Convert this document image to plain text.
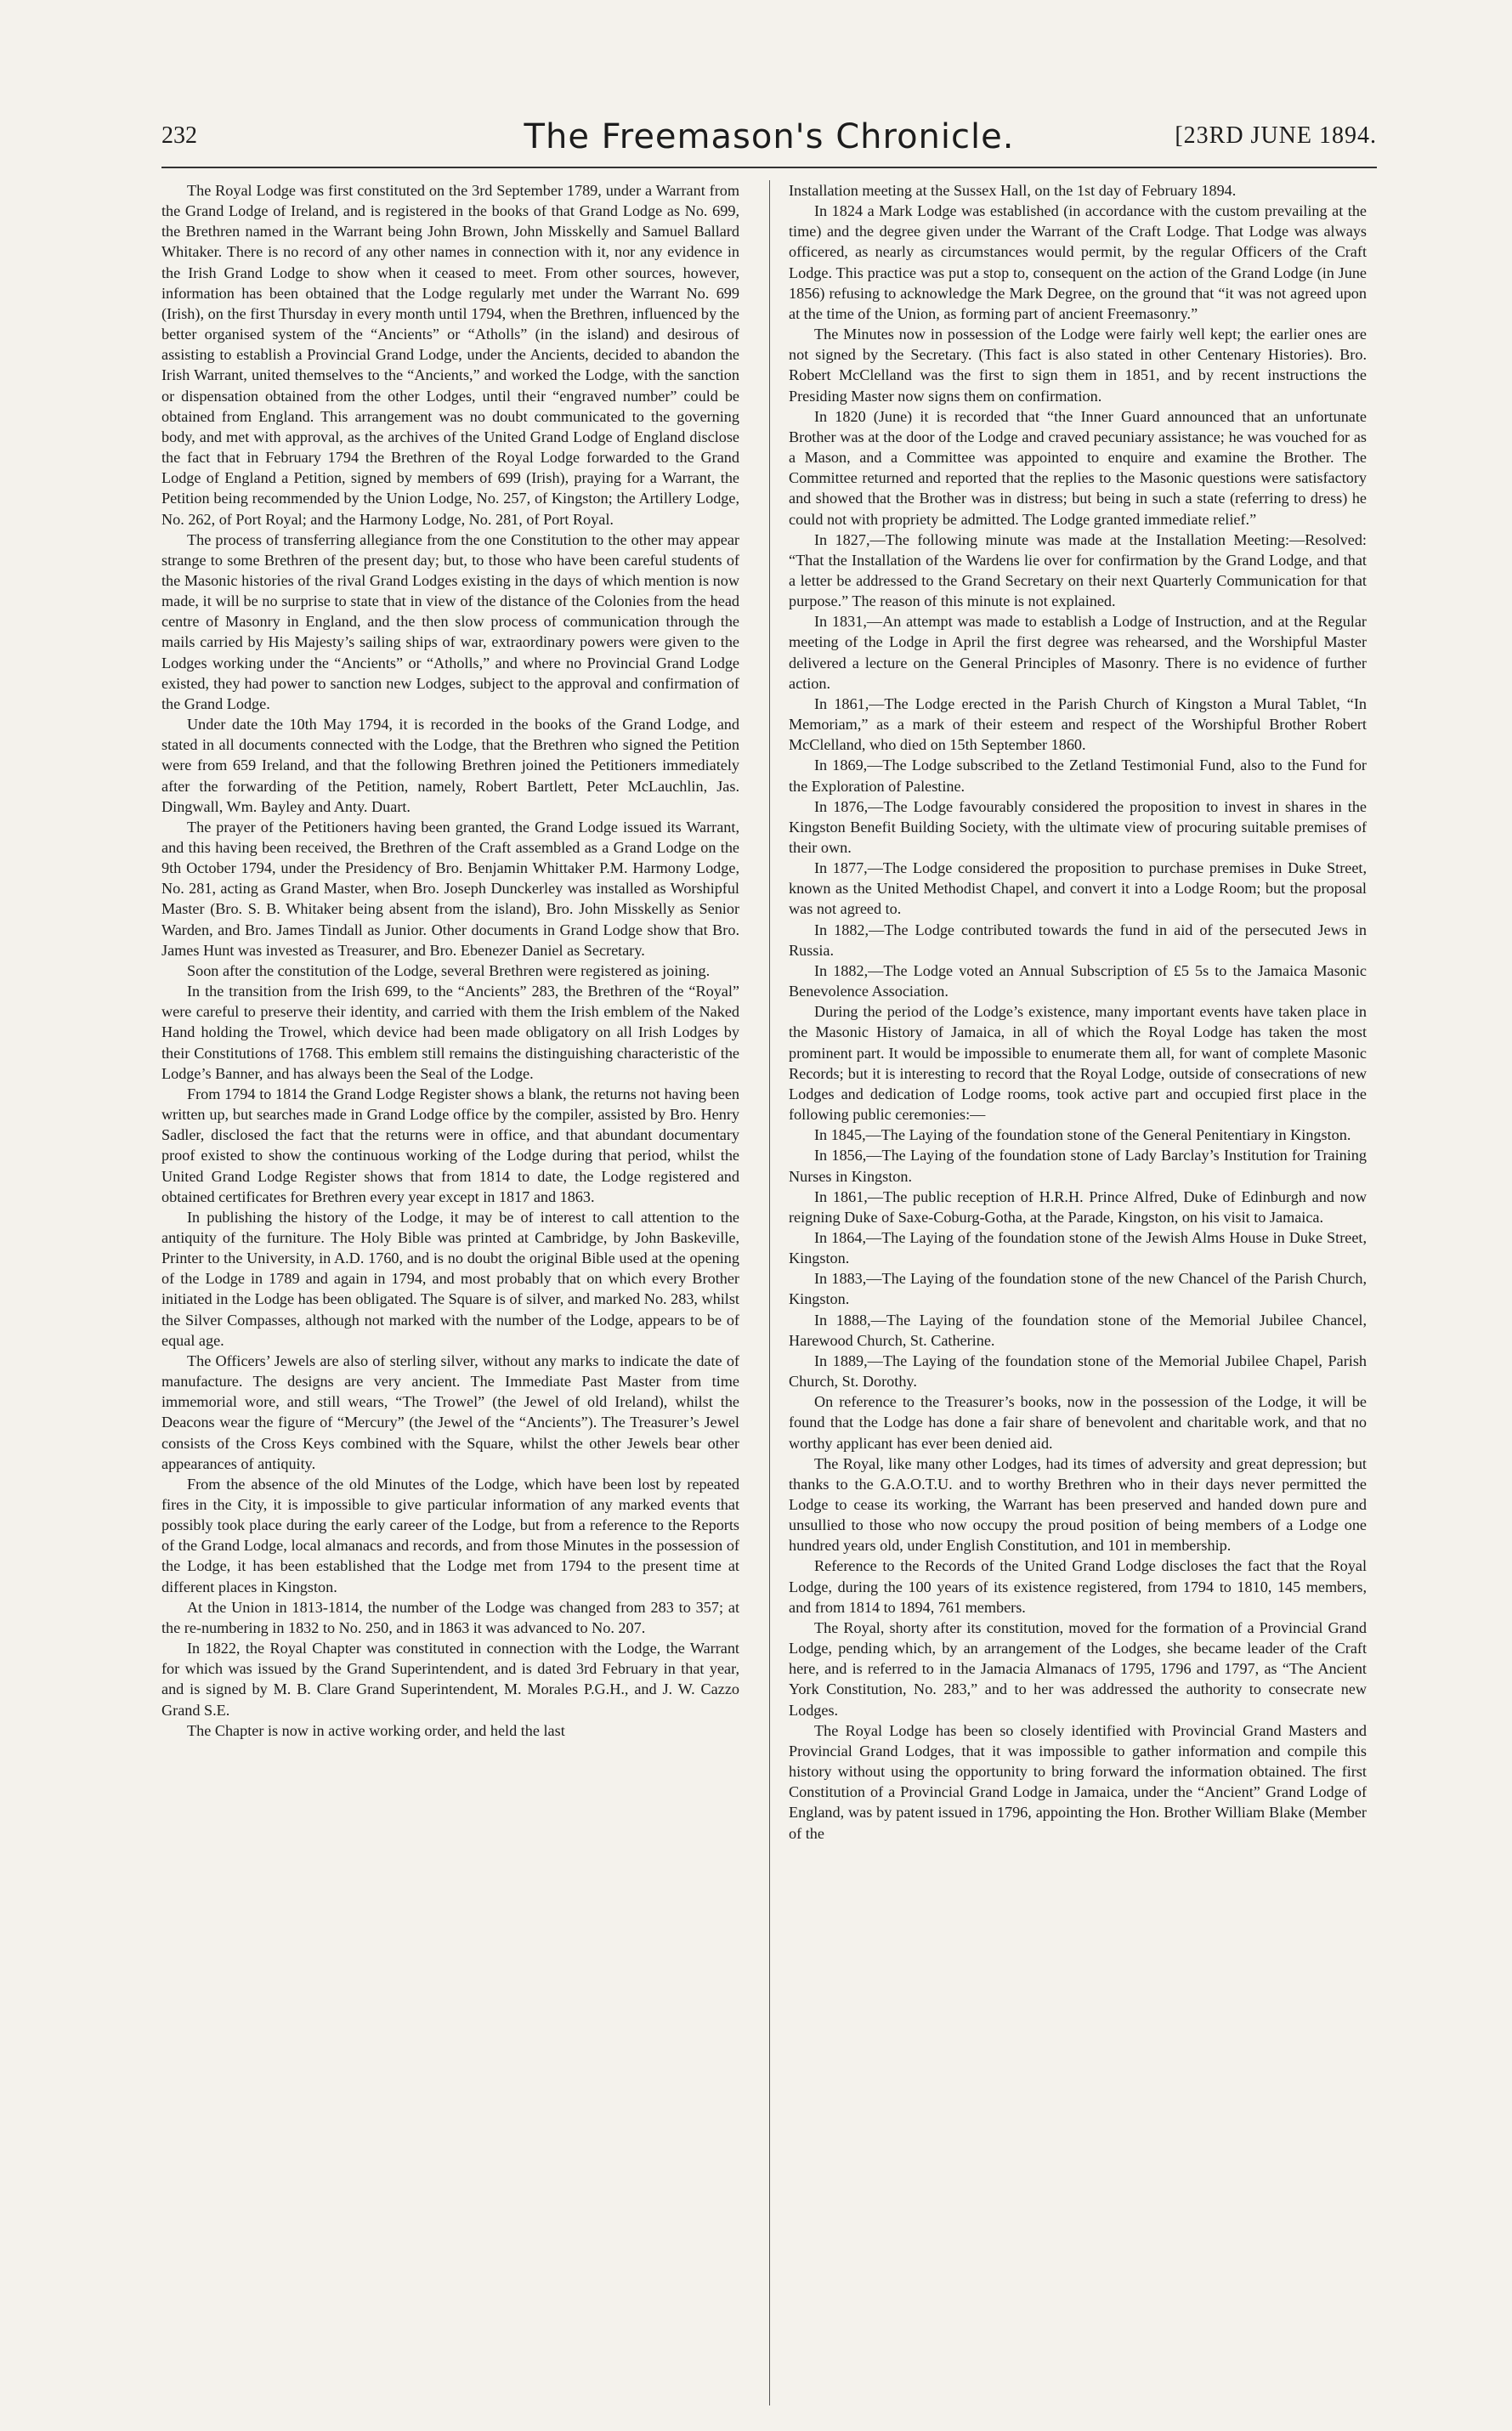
232	The Freemason's Chronicle.	[23RD JUNE 1894.

The Royal Lodge was first constituted on the 3rd September 1789, under a Warrant from the Grand Lodge of Ireland, and is registered in the books of that Grand Lodge as No. 699, the Brethren named in the Warrant being John Brown, John Misskelly and Samuel Ballard Whitaker. There is no record of any other names in connection with it, nor any evidence in the Irish Grand Lodge to show when it ceased to meet. From other sources, however, information has been obtained that the Lodge regularly met under the Warrant No. 699 (Irish), on the first Thursday in every month until 1794, when the Brethren, influenced by the better organised system of the “Ancients” or “Atholls” (in the island) and desirous of assisting to establish a Provincial Grand Lodge, under the Ancients, decided to abandon the Irish Warrant, united themselves to the “Ancients,” and worked the Lodge, with the sanction or dispensation obtained from the other Lodges, until their “engraved number” could be obtained from England. This arrangement was no doubt communicated to the governing body, and met with approval, as the archives of the United Grand Lodge of England disclose the fact that in February 1794 the Brethren of the Royal Lodge forwarded to the Grand Lodge of England a Petition, signed by members of 699 (Irish), praying for a Warrant, the Petition being recommended by the Union Lodge, No. 257, of Kingston; the Artillery Lodge, No. 262, of Port Royal; and the Harmony Lodge, No. 281, of Port Royal.

The process of transferring allegiance from the one Constitution to the other may appear strange to some Brethren of the present day; but, to those who have been careful students of the Masonic histories of the rival Grand Lodges existing in the days of which mention is now made, it will be no surprise to state that in view of the distance of the Colonies from the head centre of Masonry in England, and the then slow process of communication through the mails carried by His Majesty’s sailing ships of war, extraordinary powers were given to the Lodges working under the “Ancients” or “Atholls,” and where no Provincial Grand Lodge existed, they had power to sanction new Lodges, subject to the approval and confirmation of the Grand Lodge.

Under date the 10th May 1794, it is recorded in the books of the Grand Lodge, and stated in all documents connected with the Lodge, that the Brethren who signed the Petition were from 659 Ireland, and that the following Brethren joined the Petitioners immediately after the forwarding of the Petition, namely, Robert Bartlett, Peter McLauchlin, Jas. Dingwall, Wm. Bayley and Anty. Duart.

The prayer of the Petitioners having been granted, the Grand Lodge issued its Warrant, and this having been received, the Brethren of the Craft assembled as a Grand Lodge on the 9th October 1794, under the Presidency of Bro. Benjamin Whittaker P.M. Harmony Lodge, No. 281, acting as Grand Master, when Bro. Joseph Dunckerley was installed as Worshipful Master (Bro. S. B. Whitaker being absent from the island), Bro. John Misskelly as Senior Warden, and Bro. James Tindall as Junior. Other documents in Grand Lodge show that Bro. James Hunt was invested as Treasurer, and Bro. Ebenezer Daniel as Secretary.

Soon after the constitution of the Lodge, several Brethren were registered as joining.

In the transition from the Irish 699, to the “Ancients” 283, the Brethren of the “Royal” were careful to preserve their identity, and carried with them the Irish emblem of the Naked Hand holding the Trowel, which device had been made obligatory on all Irish Lodges by their Constitutions of 1768. This emblem still remains the distinguishing characteristic of the Lodge’s Banner, and has always been the Seal of the Lodge.

From 1794 to 1814 the Grand Lodge Register shows a blank, the returns not having been written up, but searches made in Grand Lodge office by the compiler, assisted by Bro. Henry Sadler, disclosed the fact that the returns were in office, and that abundant documentary proof existed to show the continuous working of the Lodge during that period, whilst the United Grand Lodge Register shows that from 1814 to date, the Lodge registered and obtained certificates for Brethren every year except in 1817 and 1863.

In publishing the history of the Lodge, it may be of interest to call attention to the antiquity of the furniture. The Holy Bible was printed at Cambridge, by John Baskeville, Printer to the University, in A.D. 1760, and is no doubt the original Bible used at the opening of the Lodge in 1789 and again in 1794, and most probably that on which every Brother initiated in the Lodge has been obligated. The Square is of silver, and marked No. 283, whilst the Silver Compasses, although not marked with the number of the Lodge, appears to be of equal age.

The Officers’ Jewels are also of sterling silver, without any marks to indicate the date of manufacture. The designs are very ancient. The Immediate Past Master from time immemorial wore, and still wears, “The Trowel” (the Jewel of old Ireland), whilst the Deacons wear the figure of “Mercury” (the Jewel of the “Ancients”). The Treasurer’s Jewel consists of the Cross Keys combined with the Square, whilst the other Jewels bear other appearances of antiquity.

From the absence of the old Minutes of the Lodge, which have been lost by repeated fires in the City, it is impossible to give particular information of any marked events that possibly took place during the early career of the Lodge, but from a reference to the Reports of the Grand Lodge, local almanacs and records, and from those Minutes in the possession of the Lodge, it has been established that the Lodge met from 1794 to the present time at different places in Kingston.

At the Union in 1813-1814, the number of the Lodge was changed from 283 to 357; at the re-numbering in 1832 to No. 250, and in 1863 it was advanced to No. 207.

In 1822, the Royal Chapter was constituted in connection with the Lodge, the Warrant for which was issued by the Grand Superintendent, and is dated 3rd February in that year, and is signed by M. B. Clare Grand Superintendent, M. Morales P.G.H., and J. W. Cazzo Grand S.E.

The Chapter is now in active working order, and held the last

Installation meeting at the Sussex Hall, on the 1st day of February 1894.

In 1824 a Mark Lodge was established (in accordance with the custom prevailing at the time) and the degree given under the Warrant of the Craft Lodge. That Lodge was always officered, as nearly as circumstances would permit, by the regular Officers of the Craft Lodge. This practice was put a stop to, consequent on the action of the Grand Lodge (in June 1856) refusing to acknowledge the Mark Degree, on the ground that “it was not agreed upon at the time of the Union, as forming part of ancient Freemasonry.”

The Minutes now in possession of the Lodge were fairly well kept; the earlier ones are not signed by the Secretary. (This fact is also stated in other Centenary Histories). Bro. Robert McClelland was the first to sign them in 1851, and by recent instructions the Presiding Master now signs them on confirmation.

In 1820 (June) it is recorded that “the Inner Guard announced that an unfortunate Brother was at the door of the Lodge and craved pecuniary assistance; he was vouched for as a Mason, and a Committee was appointed to enquire and examine the Brother. The Committee returned and reported that the replies to the Masonic questions were satisfactory and showed that the Brother was in distress; but being in such a state (referring to dress) he could not with propriety be admitted. The Lodge granted immediate relief.”

In 1827,—The following minute was made at the Installation Meeting:—Resolved: “That the Installation of the Wardens lie over for confirmation by the Grand Lodge, and that a letter be addressed to the Grand Secretary on their next Quarterly Communication for that purpose.” The reason of this minute is not explained.

In 1831,—An attempt was made to establish a Lodge of Instruction, and at the Regular meeting of the Lodge in April the first degree was rehearsed, and the Worshipful Master delivered a lecture on the General Principles of Masonry. There is no evidence of further action.

In 1861,—The Lodge erected in the Parish Church of Kingston a Mural Tablet, “In Memoriam,” as a mark of their esteem and respect of the Worshipful Brother Robert McClelland, who died on 15th September 1860.

In 1869,—The Lodge subscribed to the Zetland Testimonial Fund, also to the Fund for the Exploration of Palestine.

In 1876,—The Lodge favourably considered the proposition to invest in shares in the Kingston Benefit Building Society, with the ultimate view of procuring suitable premises of their own.

In 1877,—The Lodge considered the proposition to purchase premises in Duke Street, known as the United Methodist Chapel, and convert it into a Lodge Room; but the proposal was not agreed to.

In 1882,—The Lodge contributed towards the fund in aid of the persecuted Jews in Russia.

In 1882,—The Lodge voted an Annual Subscription of £5 5s to the Jamaica Masonic Benevolence Association.

During the period of the Lodge’s existence, many important events have taken place in the Masonic History of Jamaica, in all of which the Royal Lodge has taken the most prominent part. It would be impossible to enumerate them all, for want of complete Masonic Records; but it is interesting to record that the Royal Lodge, outside of consecrations of new Lodges and dedication of Lodge rooms, took active part and occupied first place in the following public ceremonies:—

In 1845,—The Laying of the foundation stone of the General Penitentiary in Kingston.

In 1856,—The Laying of the foundation stone of Lady Barclay’s Institution for Training Nurses in Kingston.

In 1861,—The public reception of H.R.H. Prince Alfred, Duke of Edinburgh and now reigning Duke of Saxe-Coburg-Gotha, at the Parade, Kingston, on his visit to Jamaica.

In 1864,—The Laying of the foundation stone of the Jewish Alms House in Duke Street, Kingston.

In 1883,—The Laying of the foundation stone of the new Chancel of the Parish Church, Kingston.

In 1888,—The Laying of the foundation stone of the Memorial Jubilee Chancel, Harewood Church, St. Catherine.

In 1889,—The Laying of the foundation stone of the Memorial Jubilee Chapel, Parish Church, St. Dorothy.

On reference to the Treasurer’s books, now in the possession of the Lodge, it will be found that the Lodge has done a fair share of benevolent and charitable work, and that no worthy applicant has ever been denied aid.

The Royal, like many other Lodges, had its times of adversity and great depression; but thanks to the G.A.O.T.U. and to worthy Brethren who in their days never permitted the Lodge to cease its working, the Warrant has been preserved and handed down pure and unsullied to those who now occupy the proud position of being members of a Lodge one hundred years old, under English Constitution, and 101 in membership.

Reference to the Records of the United Grand Lodge discloses the fact that the Royal Lodge, during the 100 years of its existence registered, from 1794 to 1810, 145 members, and from 1814 to 1894, 761 members.

The Royal, shorty after its constitution, moved for the formation of a Provincial Grand Lodge, pending which, by an arrangement of the Lodges, she became leader of the Craft here, and is referred to in the Jamacia Almanacs of 1795, 1796 and 1797, as “The Ancient York Constitution, No. 283,” and to her was addressed the authority to consecrate new Lodges.

The Royal Lodge has been so closely identified with Provincial Grand Masters and Provincial Grand Lodges, that it was impossible to gather information and compile this history without using the opportunity to bring forward the information obtained. The first Constitution of a Provincial Grand Lodge in Jamaica, under the “Ancient” Grand Lodge of England, was by patent issued in 1796, appointing the Hon. Brother William Blake (Member of the
